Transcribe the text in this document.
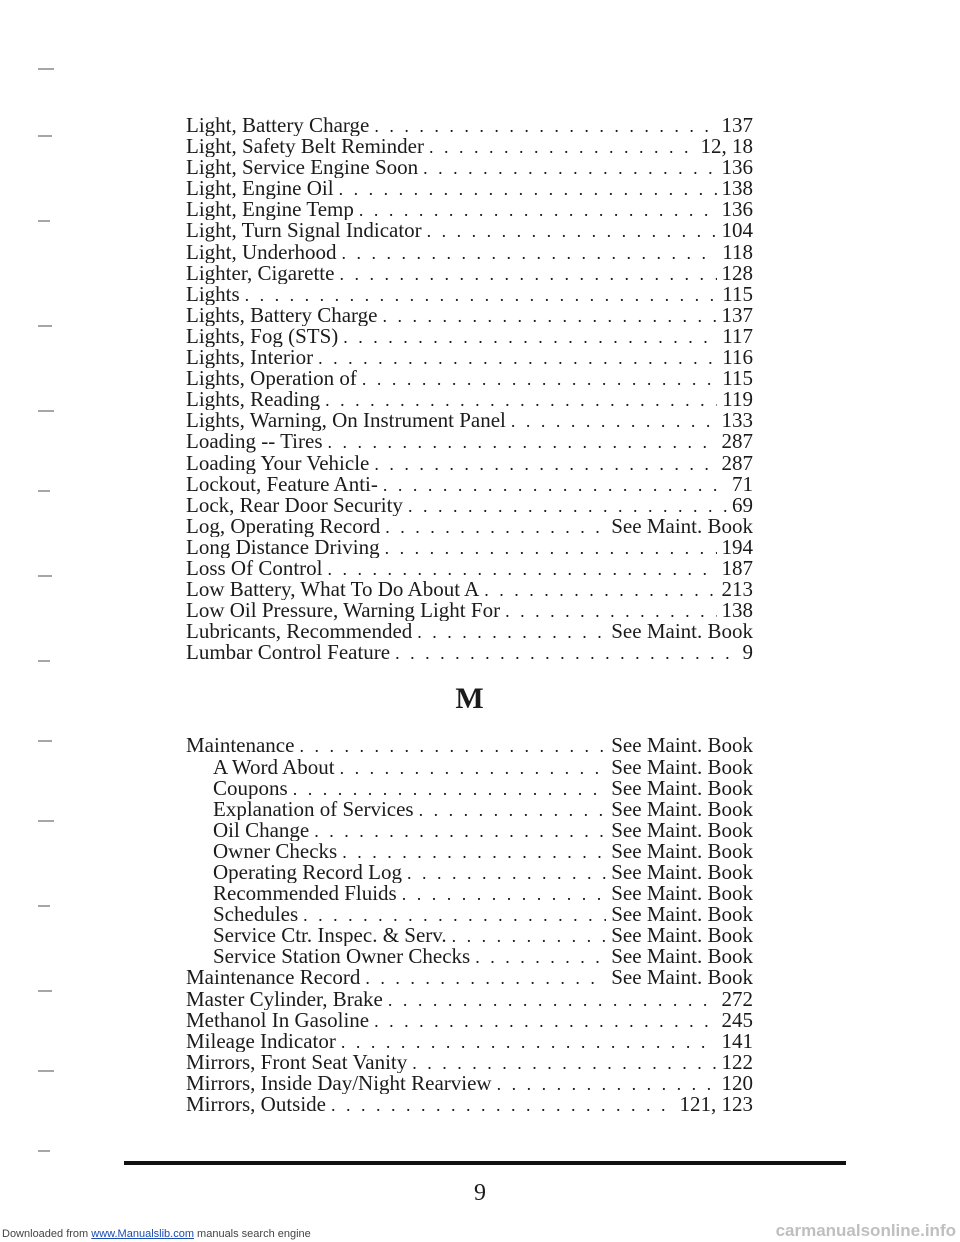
Light, Battery Charge . . .	137
Light, Safety Belt Reminder . . .	12, 18
Light, Service Engine Soon . . .	136
Light, Engine Oil . . .	138
Light, Engine Temp . . .	136
Light, Turn Signal Indicator . . .	104
Light, Underhood . . .	118
Lighter, Cigarette . . .	128
Lights . . .	115
Lights, Battery Charge . . .	137
Lights, Fog (STS) . . .	117
Lights, Interior . . .	116
Lights, Operation of . . .	115
Lights, Reading . . .	119
Lights, Warning, On Instrument Panel . . .	133
Loading -- Tires . . .	287
Loading Your Vehicle . . .	287
Lockout, Feature Anti- . . .	71
Lock, Rear Door Security . . .	69
Log, Operating Record . . .	See Maint. Book
Long Distance Driving . . .	194
Loss Of Control . . .	187
Low Battery, What To Do About A . . .	213
Low Oil Pressure, Warning Light For . . .	138
Lubricants, Recommended . . .	See Maint. Book
Lumbar Control Feature . . .	9
M
Maintenance . . .	See Maint. Book
A Word About . . .	See Maint. Book
Coupons . . .	See Maint. Book
Explanation of Services . . .	See Maint. Book
Oil Change . . .	See Maint. Book
Owner Checks . . .	See Maint. Book
Operating Record Log . . .	See Maint. Book
Recommended Fluids . . .	See Maint. Book
Schedules . . .	See Maint. Book
Service Ctr. Inspec. & Serv. . . .	See Maint. Book
Service Station Owner Checks . . .	See Maint. Book
Maintenance Record . . .	See Maint. Book
Master Cylinder, Brake . . .	272
Methanol In Gasoline . . .	245
Mileage Indicator . . .	141
Mirrors, Front Seat Vanity . . .	122
Mirrors, Inside Day/Night Rearview . . .	120
Mirrors, Outside . . .	121, 123
9
Downloaded from www.Manualslib.com manuals search engine	carmanualsonline.info
